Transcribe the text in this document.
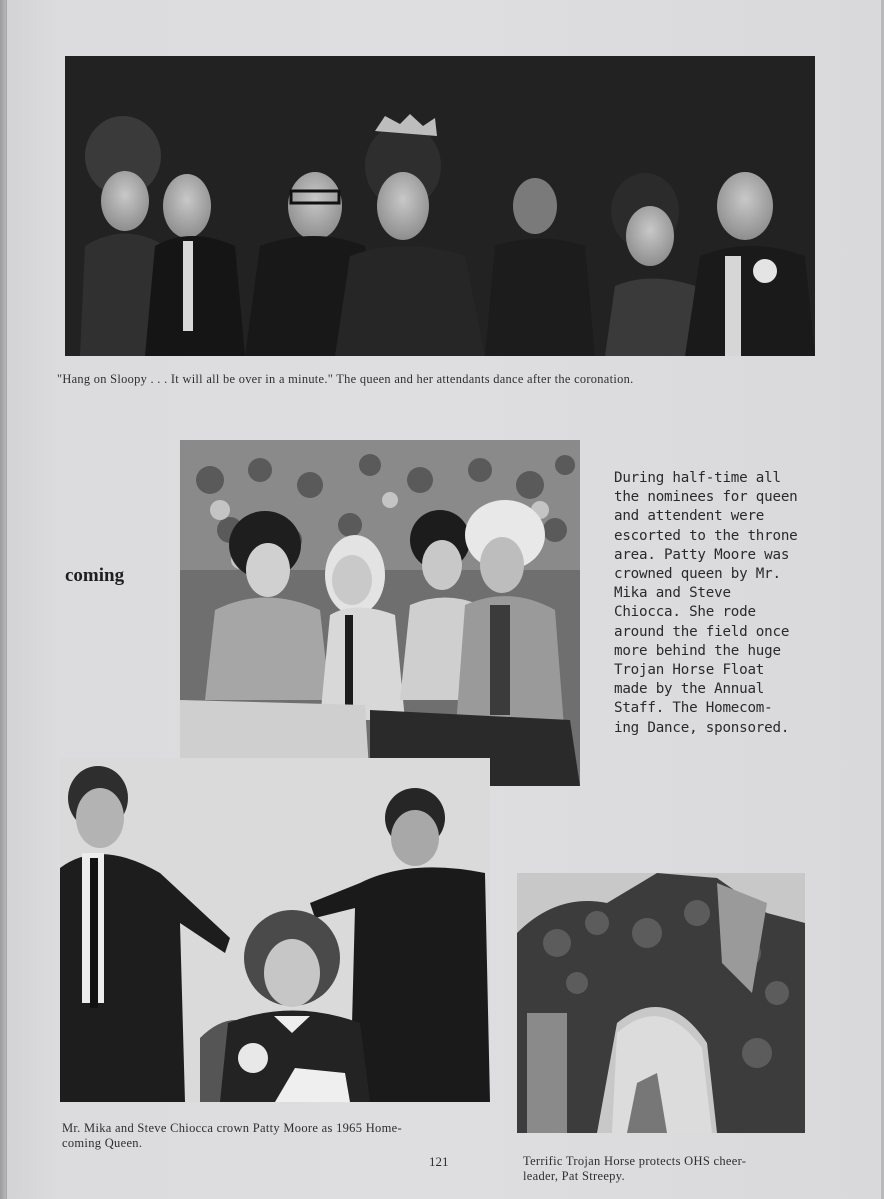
"Hang on Sloopy . . . It will all be over in a minute." The queen and her attendants dance after the coronation.
coming
During half-time all
the nominees for queen
and attendent were
escorted to the throne
area. Patty Moore was
crowned queen by Mr.
Mika and Steve
Chiocca. She rode
around the field once
more behind the huge
Trojan Horse Float
made by the Annual
Staff. The Homecom-
ing Dance, sponsored.
Mr. Mika and Steve Chiocca crown Patty Moore as 1965 Home-
coming Queen.
Terrific Trojan Horse protects OHS cheer-
leader, Pat Streepy.
121
